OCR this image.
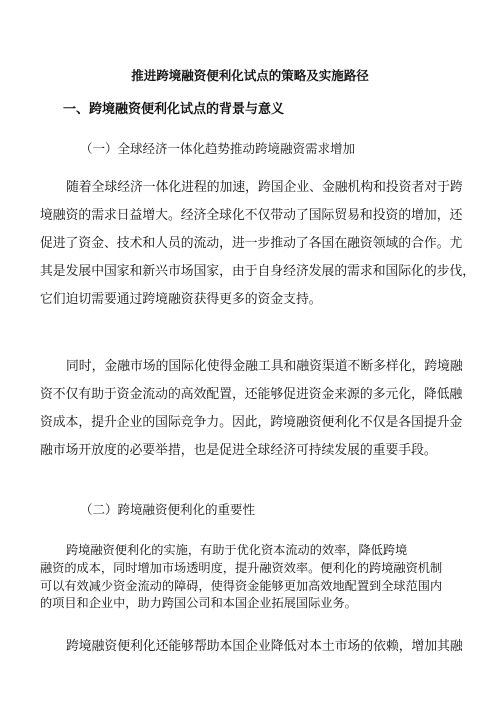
推进跨境融资便利化试点的策略及实施路径
一、跨境融资便利化试点的背景与意义
（一）全球经济一体化趋势推动跨境融资需求增加
随着全球经济一体化进程的加速，跨国企业、金融机构和投资者对于跨
境融资的需求日益增大。经济全球化不仅带动了国际贸易和投资的增加，还
促进了资金、技术和人员的流动，进一步推动了各国在融资领域的合作。尤
其是发展中国家和新兴市场国家，由于自身经济发展的需求和国际化的步伐，
它们迫切需要通过跨境融资获得更多的资金支持。
同时，金融市场的国际化使得金融工具和融资渠道不断多样化，跨境融
资不仅有助于资金流动的高效配置，还能够促进资金来源的多元化，降低融
资成本，提升企业的国际竞争力。因此，跨境融资便利化不仅是各国提升金
融市场开放度的必要举措，也是促进全球经济可持续发展的重要手段。
（二）跨境融资便利化的重要性
跨境融资便利化的实施，有助于优化资本流动的效率，降低跨境
融资的成本，同时增加市场透明度，提升融资效率。便利化的跨境融资机制
可以有效减少资金流动的障碍，使得资金能够更加高效地配置到全球范围内
的项目和企业中，助力跨国公司和本国企业拓展国际业务。
跨境融资便利化还能够帮助本国企业降低对本土市场的依赖，增加其融
